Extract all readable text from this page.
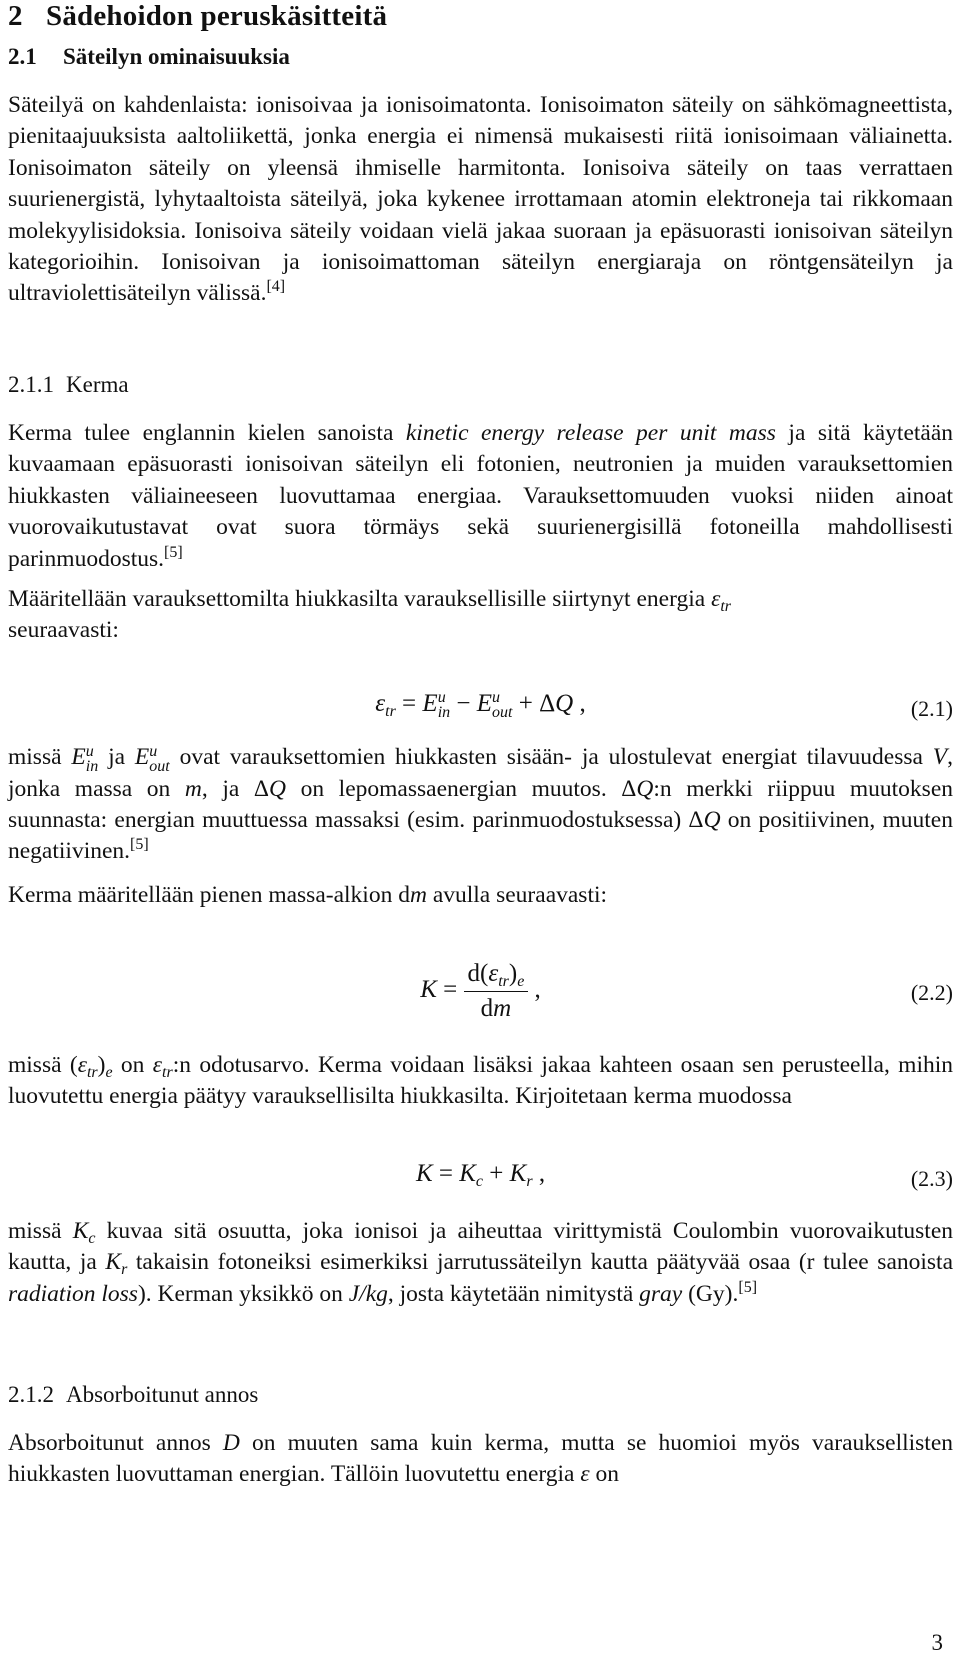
2 Sädehoidon peruskäsitteitä
2.1 Säteilyn ominaisuuksia
Säteilyä on kahdenlaista: ionisoivaa ja ionisoimatonta. Ionisoimaton säteily on sähkömagneettista, pienitaajuuksista aaltoliikettä, jonka energia ei nimensä mukaisesti riitä ionisoimaan väliainetta. Ionisoimaton säteily on yleensä ihmiselle harmitonta. Ionisoiva säteily on taas verrattaen suurienergistä, lyhytaaltoista säteilyä, joka kykenee irrottamaan atomin elektroneja tai rikkomaan molekyylisidoksia. Ionisoiva säteily voidaan vielä jakaa suoraan ja epäsuorasti ionisoivan säteilyn kategorioihin. Ionisoivan ja ionisoimattoman säteilyn energiaraja on röntgensäteilyn ja ultraviolettisäteilyn välissä.[4]
2.1.1 Kerma
Kerma tulee englannin kielen sanoista kinetic energy release per unit mass ja sitä käytetään kuvaamaan epäsuorasti ionisoivan säteilyn eli fotonien, neutronien ja muiden varauksettomien hiukkasten väliaineeseen luovuttamaa energiaa. Varauksettomuuden vuoksi niiden ainoat vuorovaikutustavat ovat suora törmäys sekä suurienergisillä fotoneilla mahdollisesti parinmuodostus.[5]
Määritellään varauksettomilta hiukkasilta varauksellisille siirtynyt energia $\varepsilon_{tr}$
seuraavasti:
$\varepsilon_{tr} = E$ u
in − E u
out + ΔQ ,	(2.1)
missä E u
in ja E u
out ovat varauksettomien hiukkasten sisään- ja ulostulevat energiat tilavuudessa V, jonka massa on m, ja ΔQ on lepomassaenergian muutos. ΔQ:n merkki riippuu muutoksen suunnasta: energian muuttuessa massaksi (esim. parinmuodostuksessa) ΔQ on positiivinen, muuten negatiivinen.[5]
Kerma määritellään pienen massa-alkion dm avulla seuraavasti:
$K = \frac{d(\varepsilon_{tr})_e}{dm}$ ,	(2.2)
missä $(\varepsilon_{tr})_e$ on $\varepsilon_{tr}:n$ odotusarvo. Kerma voidaan lisäksi jakaa kahteen osaan sen perusteella, mihin luovutettu energia päätyy varauksellisilta hiukkasilta. Kirjoitetaan kerma muodossa
$K = K_c + K_r$ ,	(2.3)
missä $K_c$ kuvaa sitä osuutta, joka ionisoi ja aiheuttaa virittymistä Coulombin vuorovaikutusten kautta, ja $K_r$ takaisin fotoneiksi esimerkiksi jarrutussäteilyn kautta päätyvää osaa (r tulee sanoista radiation loss). Kerman yksikkö on J/kg, josta käytetään nimitystä gray (Gy).[5]
2.1.2 Absorboitunut annos
Absorboitunut annos D on muuten sama kuin kerma, mutta se huomioi myös varauksellisten hiukkasten luovuttaman energian. Tällöin luovutettu energia ε on
3
